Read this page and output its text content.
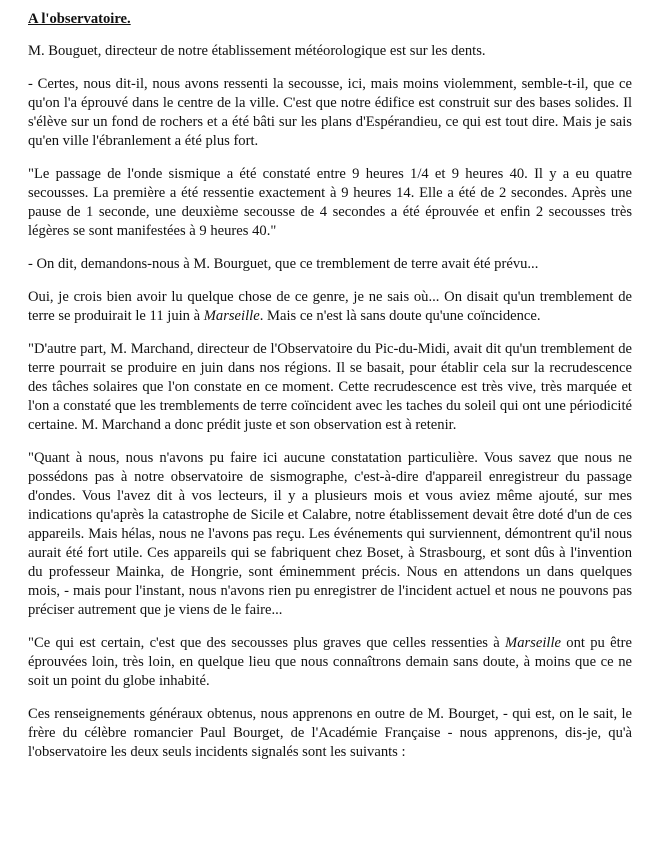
A l'observatoire.

M. Bouguet, directeur de notre établissement météorologique est sur les dents.

- Certes, nous dit-il, nous avons ressenti la secousse, ici, mais moins violemment, semble-t-il, que ce qu'on l'a éprouvé dans le centre de la ville. C'est que notre édifice est construit sur des bases solides. Il s'élève sur un fond de rochers et a été bâti sur les plans d'Espérandieu, ce qui est tout dire. Mais je sais qu'en ville l'ébranlement a été plus fort.

"Le passage de l'onde sismique a été constaté entre 9 heures 1/4 et 9 heures 40. Il y a eu quatre secousses. La première a été ressentie exactement à 9 heures 14. Elle a été de 2 secondes. Après une pause de 1 seconde, une deuxième secousse de 4 secondes a été éprouvée et enfin 2 secousses très légères se sont manifestées à 9 heures 40."

- On dit, demandons-nous à M. Bourguet, que ce tremblement de terre avait été prévu...

Oui, je crois bien avoir lu quelque chose de ce genre, je ne sais où... On disait qu'un tremblement de terre se produirait le 11 juin à Marseille. Mais ce n'est là sans doute qu'une coïncidence.

"D'autre part, M. Marchand, directeur de l'Observatoire du Pic-du-Midi, avait dit qu'un tremblement de terre pourrait se produire en juin dans nos régions. Il se basait, pour établir cela sur la recrudescence des tâches solaires que l'on constate en ce moment. Cette recrudescence est très vive, très marquée et l'on a constaté que les tremblements de terre coïncident avec les taches du soleil qui ont une périodicité certaine. M. Marchand a donc prédit juste et son observation est à retenir.

"Quant à nous, nous n'avons pu faire ici aucune constatation particulière. Vous savez que nous ne possédons pas à notre observatoire de sismographe, c'est-à-dire d'appareil enregistreur du passage d'ondes. Vous l'avez dit à vos lecteurs, il y a plusieurs mois et vous aviez même ajouté, sur mes indications qu'après la catastrophe de Sicile et Calabre, notre établissement devait être doté d'un de ces appareils. Mais hélas, nous ne l'avons pas reçu. Les événements qui surviennent, démontrent qu'il nous aurait été fort utile. Ces appareils qui se fabriquent chez Boset, à Strasbourg, et sont dûs à l'invention du professeur Mainka, de Hongrie, sont éminemment précis. Nous en attendons un dans quelques mois, - mais pour l'instant, nous n'avons rien pu enregistrer de l'incident actuel et nous ne pouvons pas préciser autrement que je viens de le faire...

"Ce qui est certain, c'est que des secousses plus graves que celles ressenties à Marseille ont pu être éprouvées loin, très loin, en quelque lieu que nous connaîtrons demain sans doute, à moins que ce ne soit un point du globe inhabité.

Ces renseignements généraux obtenus, nous apprenons en outre de M. Bourget, - qui est, on le sait, le frère du célèbre romancier Paul Bourget, de l'Académie Française - nous apprenons, dis-je, qu'à l'observatoire les deux seuls incidents signalés sont les suivants :
